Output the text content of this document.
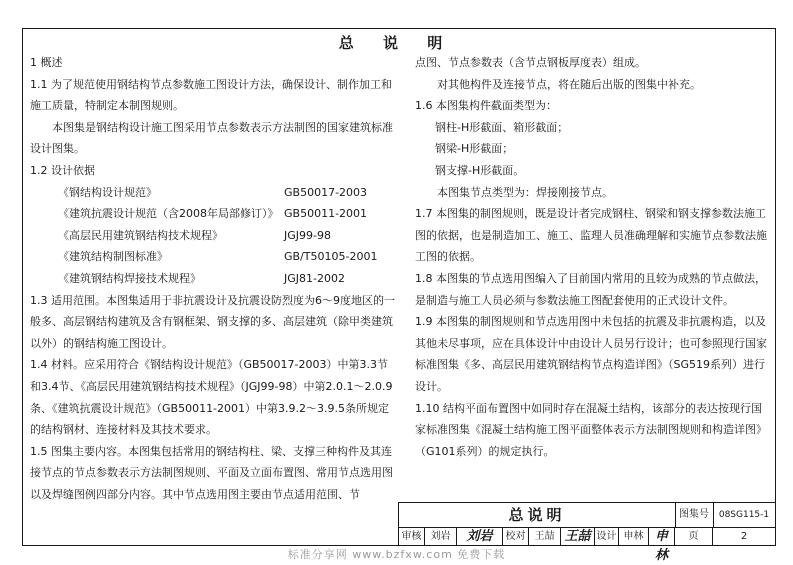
总 说 明

1 概述

1.1 为了规范使用钢结构节点参数施工图设计方法，确保设计、制作加工和施工质量，特制定本制图规则。

本图集是钢结构设计施工图采用节点参数表示方法制图的国家建筑标准设计图集。

1.2 设计依据

《钢结构设计规范》	GB50017-2003
《建筑抗震设计规范（含2008年局部修订）》 GB50011-2001
《高层民用建筑钢结构技术规程》	JGJ99-98
《建筑结构制图标准》	GB/T50105-2001
《建筑钢结构焊接技术规程》	JGJ81-2002

1.3 适用范围。本图集适用于非抗震设计及抗震设防烈度为6～9度地区的一般多、高层钢结构建筑及含有钢框架、钢支撑的多、高层建筑（除甲类建筑以外）的钢结构施工图设计。

1.4 材料。应采用符合《钢结构设计规范》（GB50017-2003）中第3.3节和3.4节、《高层民用建筑钢结构技术规程》（JGJ99-98）中第2.0.1～2.0.9条、《建筑抗震设计规范》（GB50011-2001）中第3.9.2～3.9.5条所规定的结构钢材、连接材料及其技术要求。

1.5 图集主要内容。本图集包括常用的钢结构柱、梁、支撑三种构件及其连接节点的节点参数表示方法制图规则、平面及立面布置图、常用节点选用图以及焊缝图例四部分内容。其中节点选用图主要由节点适用范围、节

点图、节点参数表（含节点钢板厚度表）组成。

对其他构件及连接节点，将在随后出版的图集中补充。

1.6 本图集构件截面类型为：

钢柱-H形截面、箱形截面；

钢梁-H形截面；

钢支撑-H形截面。

本图集节点类型为：焊接刚接节点。

1.7 本图集的制图规则，既是设计者完成钢柱、钢梁和钢支撑参数法施工图的依据，也是制造加工、施工、监理人员准确理解和实施节点参数法施工图的依据。

1.8 本图集的节点选用图编入了目前国内常用的且较为成熟的节点做法，是制造与施工人员必须与参数法施工图配套使用的正式设计文件。

1.9 本图集的制图规则和节点选用图中未包括的抗震及非抗震构造，以及其他未尽事项，应在具体设计中由设计人员另行设计；也可参照现行国家标准图集《多、高层民用建筑钢结构节点构造详图》（SG519系列）进行设计。

1.10 结构平面布置图中如同时存在混凝土结构，该部分的表达按现行国家标准图集《混凝土结构施工图平面整体表示方法制图规则和构造详图》（G101系列）的规定执行。

总说明	图集号	08SG115-1
审核 刘岩	刘岩	校对 王喆 王喆 设计 申林 申林
页	2
标准分享网 www.bzfxw.com 免费下载
